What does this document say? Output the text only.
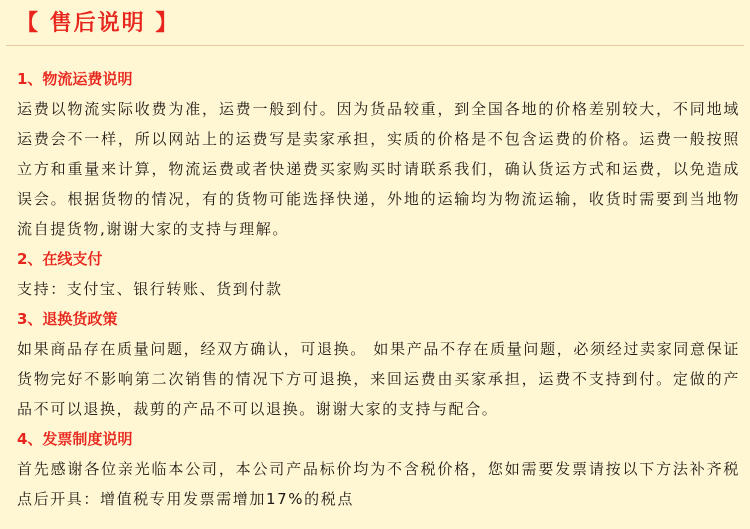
【 售后说明 】
1、物流运费说明

运费以物流实际收费为准，运费一般到付。因为货品较重，到全国各地的价格差别较大，不同地域运费会不一样，所以网站上的运费写是卖家承担，实质的价格是不包含运费的价格。运费一般按照立方和重量来计算，物流运费或者快递费买家购买时请联系我们，确认货运方式和运费，以免造成误会。根据货物的情况，有的货物可能选择快递，外地的运输均为物流运输，收货时需要到当地物流自提货物,谢谢大家的支持与理解。

2、在线支付

支持：支付宝、银行转账、货到付款

3、退换货政策

如果商品存在质量问题，经双方确认，可退换。 如果产品不存在质量问题，必须经过卖家同意保证货物完好不影响第二次销售的情况下方可退换，来回运费由买家承担，运费不支持到付。定做的产品不可以退换，裁剪的产品不可以退换。谢谢大家的支持与配合。

4、发票制度说明

首先感谢各位亲光临本公司，本公司产品标价均为不含税价格，您如需要发票请按以下方法补齐税点后开具：增值税专用发票需增加17%的税点
